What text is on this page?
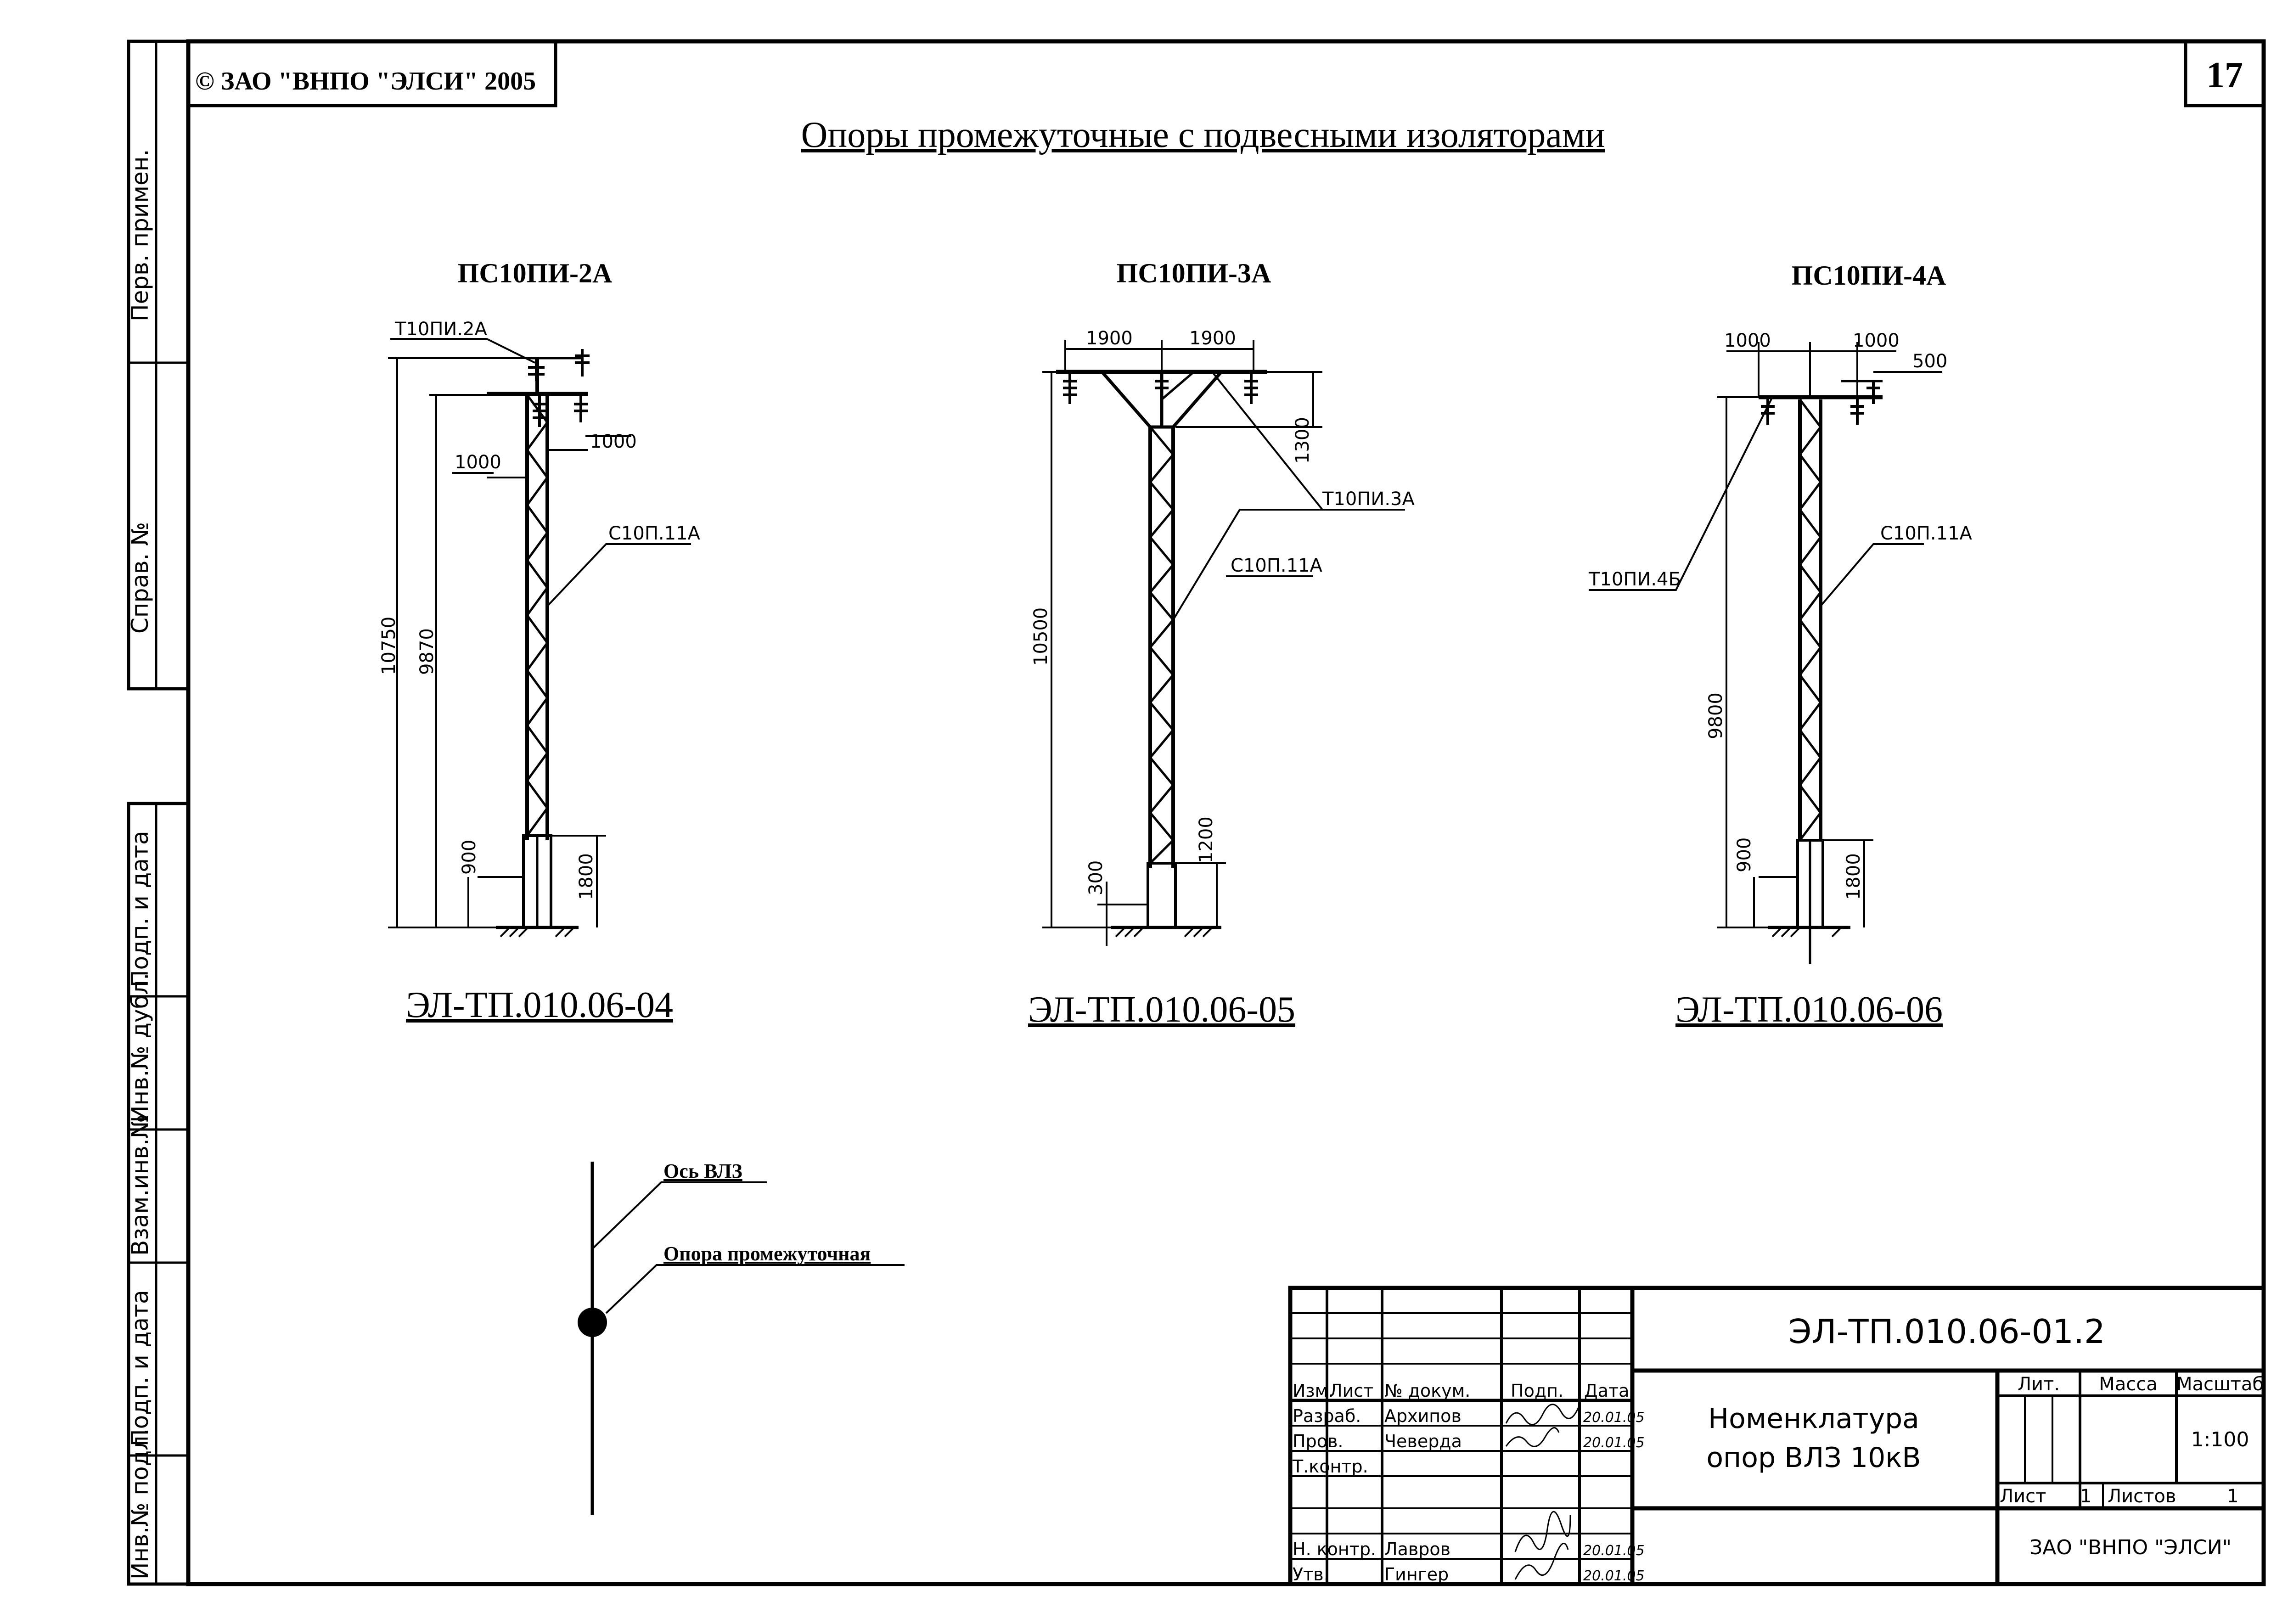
Перв. примен.
Справ. №
Подп. и дата
Инв.№ дубл.
Взам.инв.№
Подп. и дата
Инв.№ подл.
© ЗАО "ВНПО "ЭЛСИ" 2005	17
Опоры промежуточные с подвесными изоляторами
ПС10ПИ-2А
10750 9870
1000
1000
900	1800
Т10ПИ.2А
С10П.11А
ЭЛ-ТП.010.06-04
ПС10ПИ-3А
1900	1900
1300
10500
300
1200
Т10ПИ.3А
С10П.11А
ЭЛ-ТП.010.06-05
ПС10ПИ-4А
1000	1000
500
9800
900	1800
Т10ПИ.4Б
С10П.11А
ЭЛ-ТП.010.06-06
Ось ВЛЗ
Опора промежуточная
ЭЛ-ТП.010.06-01.2
Номенклатура
опор ВЛЗ 10кВ
Изм.
Лист № докум. Подп. Дата
Разраб. Архипов	20.01.05
Пров. Чеверда	20.01.05
Т.контр.
Н. контр. Лавров	20.01.05
Утв.	Гингер	20.01.05
Лит. Масса Масштаб
1:100
Лист 1 Листов	1
ЗАО "ВНПО "ЭЛСИ"
